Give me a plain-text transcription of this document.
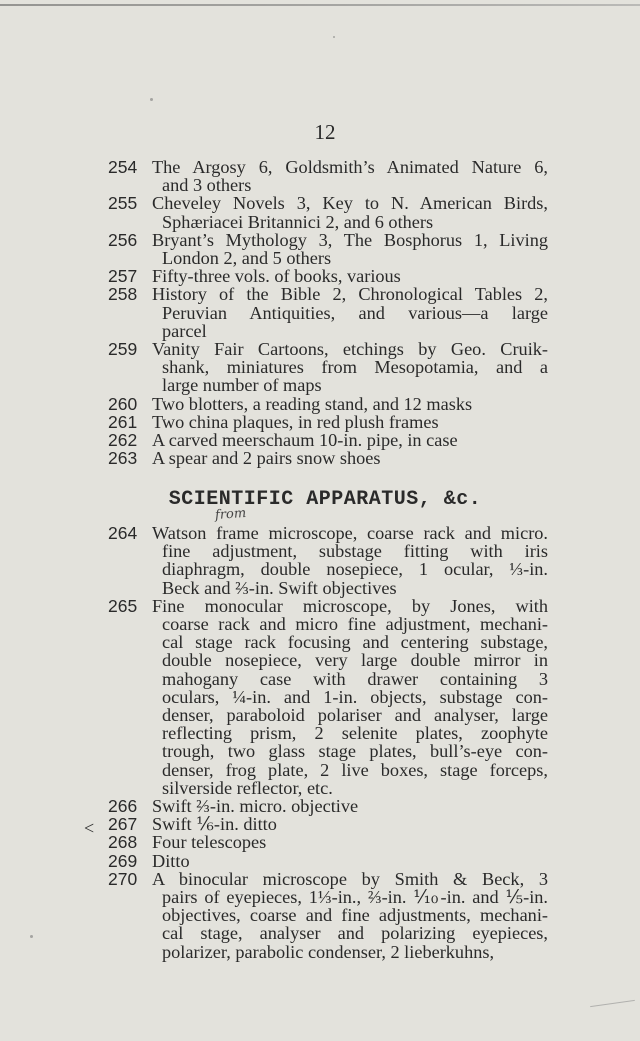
12
254 The Argosy 6, Goldsmith’s Animated Nature 6,
and 3 others
255 Cheveley Novels 3, Key to N. American Birds,
Sphæriacei Britannici 2, and 6 others
256 Bryant’s Mythology 3, The Bosphorus 1, Living
London 2, and 5 others
257 Fifty-three vols. of books, various
258 History of the Bible 2, Chronological Tables 2,
Peruvian Antiquities, and various—a large
parcel
259 Vanity Fair Cartoons, etchings by Geo. Cruik-
shank, miniatures from Mesopotamia, and a
large number of maps
260 Two blotters, a reading stand, and 12 masks
261 Two china plaques, in red plush frames
262 A carved meerschaum 10-in. pipe, in case
263 A spear and 2 pairs snow shoes
SCIENTIFIC APPARATUS, &c.
from
264 Watson frame microscope, coarse rack and micro.
fine adjustment, substage fitting with iris
diaphragm, double nosepiece, 1 ocular, ⅓-in.
Beck and ⅔-in. Swift objectives
265 Fine monocular microscope, by Jones, with
coarse rack and micro fine adjustment, mechani-
cal stage rack focusing and centering substage,
double nosepiece, very large double mirror in
mahogany case with drawer containing 3
oculars, ¼-in. and 1-in. objects, substage con-
denser, paraboloid polariser and analyser, large
reflecting prism, 2 selenite plates, zoophyte
trough, two glass stage plates, bull’s-eye con-
denser, frog plate, 2 live boxes, stage forceps,
silverside reflector, etc.
266 Swift ⅔-in. micro. objective
267 Swift ⅙-in. ditto
268 Four telescopes
269 Ditto
270 A binocular microscope by Smith & Beck, 3
pairs of eyepieces, 1⅓-in., ⅔-in. ⅒-in. and ⅕-in.
objectives, coarse and fine adjustments, mechani-
cal stage, analyser and polarizing eyepieces,
polarizer, parabolic condenser, 2 lieberkuhns,
<
